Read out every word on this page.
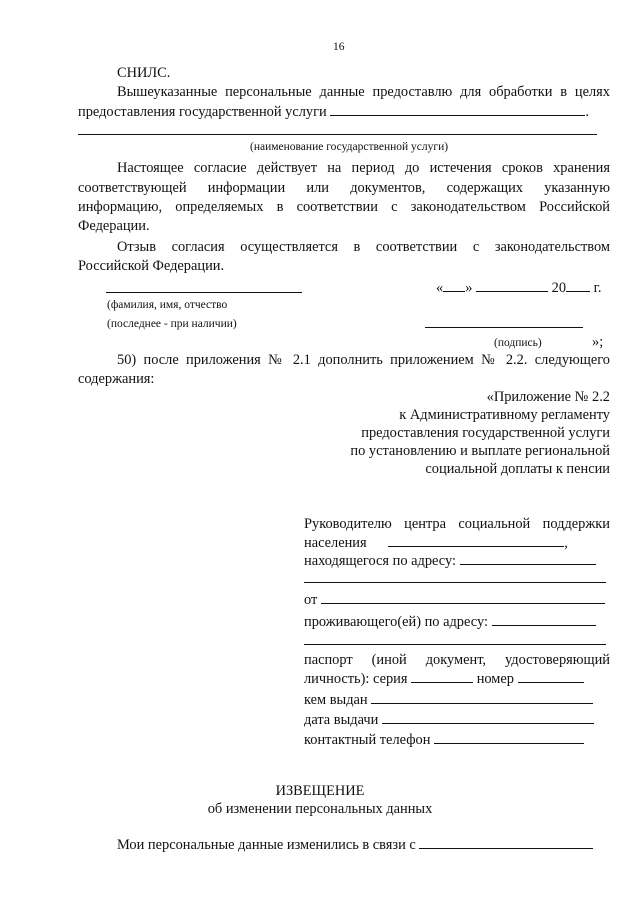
16
СНИЛС.
Вышеуказанные персональные данные предоставлю для обработки в целях
предоставления государственной услуги	.
(наименование государственной услуги)
Настоящее согласие действует на период до истечения сроков хранения
соответствующей информации или документов, содержащих указанную
информацию, определяемых в соответствии с законодательством Российской
Федерации.
Отзыв согласия осуществляется в соответствии с законодательством
Российской Федерации.
« »	20 г.
(фамилия, имя, отчество
(последнее - при наличии)
(подпись)	»;
50) после приложения № 2.1 дополнить приложением № 2.2. следующего
содержания:
«Приложение № 2.2
к Административному регламенту
предоставления государственной услуги
по установлению и выплате региональной
социальной доплаты к пенсии
Руководителю центра социальной поддержки
населения	,
находящегося по адресу:
от
проживающего(ей) по адресу:
паспорт (иной документ, удостоверяющий
личность): серия	номер
кем выдан
дата выдачи
контактный телефон
ИЗВЕЩЕНИЕ
об изменении персональных данных
Мои персональные данные изменились в связи с
